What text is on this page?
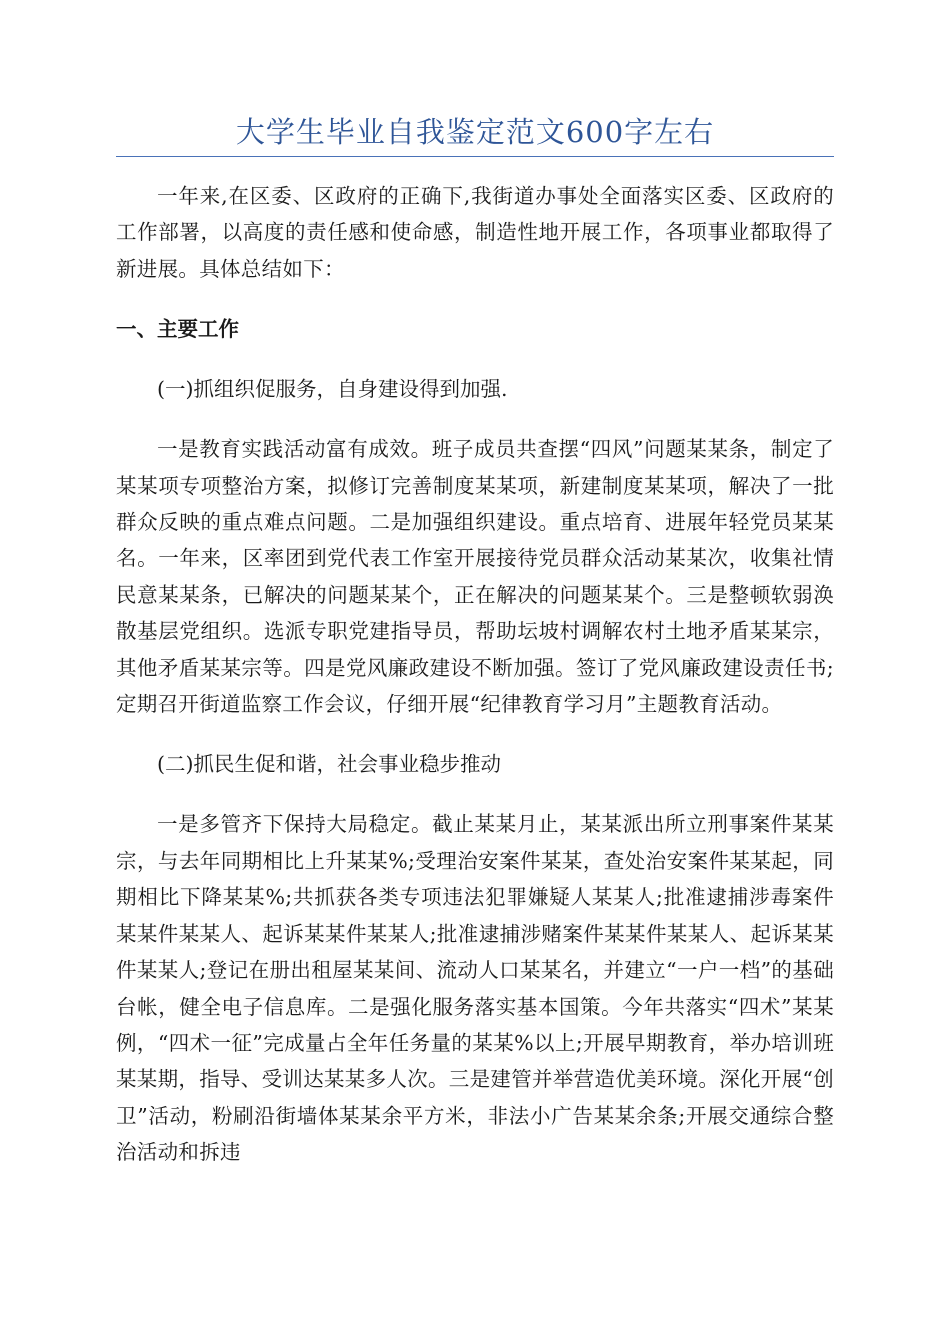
大学生毕业自我鉴定范文600字左右

一年来,在区委、区政府的正确下,我街道办事处全面落实区委、区政府的工作部署，以高度的责任感和使命感，制造性地开展工作，各项事业都取得了新进展。具体总结如下：

一、主要工作
(一)抓组织促服务，自身建设得到加强.

一是教育实践活动富有成效。班子成员共查摆“四风”问题某某条，制定了某某项专项整治方案，拟修订完善制度某某项，新建制度某某项，解决了一批群众反映的重点难点问题。二是加强组织建设。重点培育、进展年轻党员某某名。一年来，区率团到党代表工作室开展接待党员群众活动某某次，收集社情民意某某条，已解决的问题某某个，正在解决的问题某某个。三是整顿软弱涣散基层党组织。选派专职党建指导员，帮助坛坡村调解农村土地矛盾某某宗，其他矛盾某某宗等。四是党风廉政建设不断加强。签订了党风廉政建设责任书;定期召开街道监察工作会议，仔细开展“纪律教育学习月”主题教育活动。

(二)抓民生促和谐，社会事业稳步推动

一是多管齐下保持大局稳定。截止某某月止，某某派出所立刑事案件某某宗，与去年同期相比上升某某%;受理治安案件某某，查处治安案件某某起，同期相比下降某某%;共抓获各类专项违法犯罪嫌疑人某某人;批准逮捕涉毒案件某某件某某人、起诉某某件某某人;批准逮捕涉赌案件某某件某某人、起诉某某件某某人;登记在册出租屋某某间、流动人口某某名，并建立“一户一档”的基础台帐，健全电子信息库。二是强化服务落实基本国策。今年共落实“四术”某某例，“四术一征”完成量占全年任务量的某某%以上;开展早期教育，举办培训班某某期，指导、受训达某某多人次。三是建管并举营造优美环境。深化开展“创卫”活动，粉刷沿街墙体某某余平方米，非法小广告某某余条;开展交通综合整治活动和拆违
